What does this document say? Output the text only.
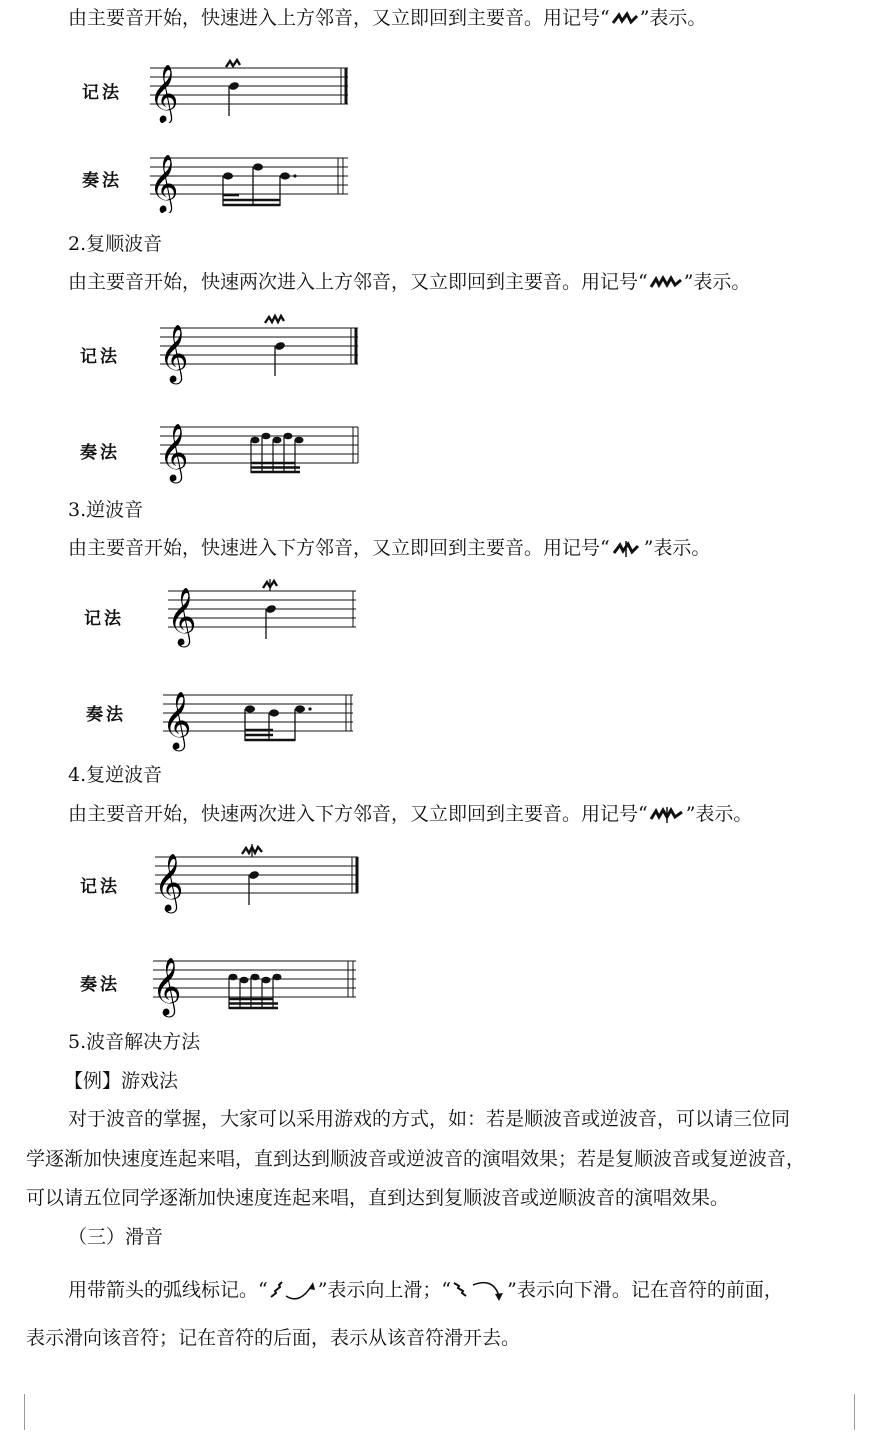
由主要音开始，快速进入上方邻音，又立即回到主要音。用记号“ ”表示。
记法 𝄞
奏法 𝄞
2.复顺波音
由主要音开始，快速两次进入上方邻音，又立即回到主要音。用记号“ ”表示。
记法 𝄞
奏法 𝄞
3.逆波音
由主要音开始，快速进入下方邻音，又立即回到主要音。用记号“ ”表示。
记法 𝄞
奏法 𝄞
4.复逆波音
由主要音开始，快速两次进入下方邻音，又立即回到主要音。用记号“ ”表示。
记法 𝄞
奏法 𝄞
5.波音解决方法
【例】游戏法
对于波音的掌握，大家可以采用游戏的方式，如：若是顺波音或逆波音，可以请三位同
学逐渐加快速度连起来唱，直到达到顺波音或逆波音的演唱效果；若是复顺波音或复逆波音，
可以请五位同学逐渐加快速度连起来唱，直到达到复顺波音或逆顺波音的演唱效果。
（三）滑音
用带箭头的弧线标记。“	”表示向上滑；“	”表示向下滑。记在音符的前面，
表示滑向该音符；记在音符的后面，表示从该音符滑开去。
